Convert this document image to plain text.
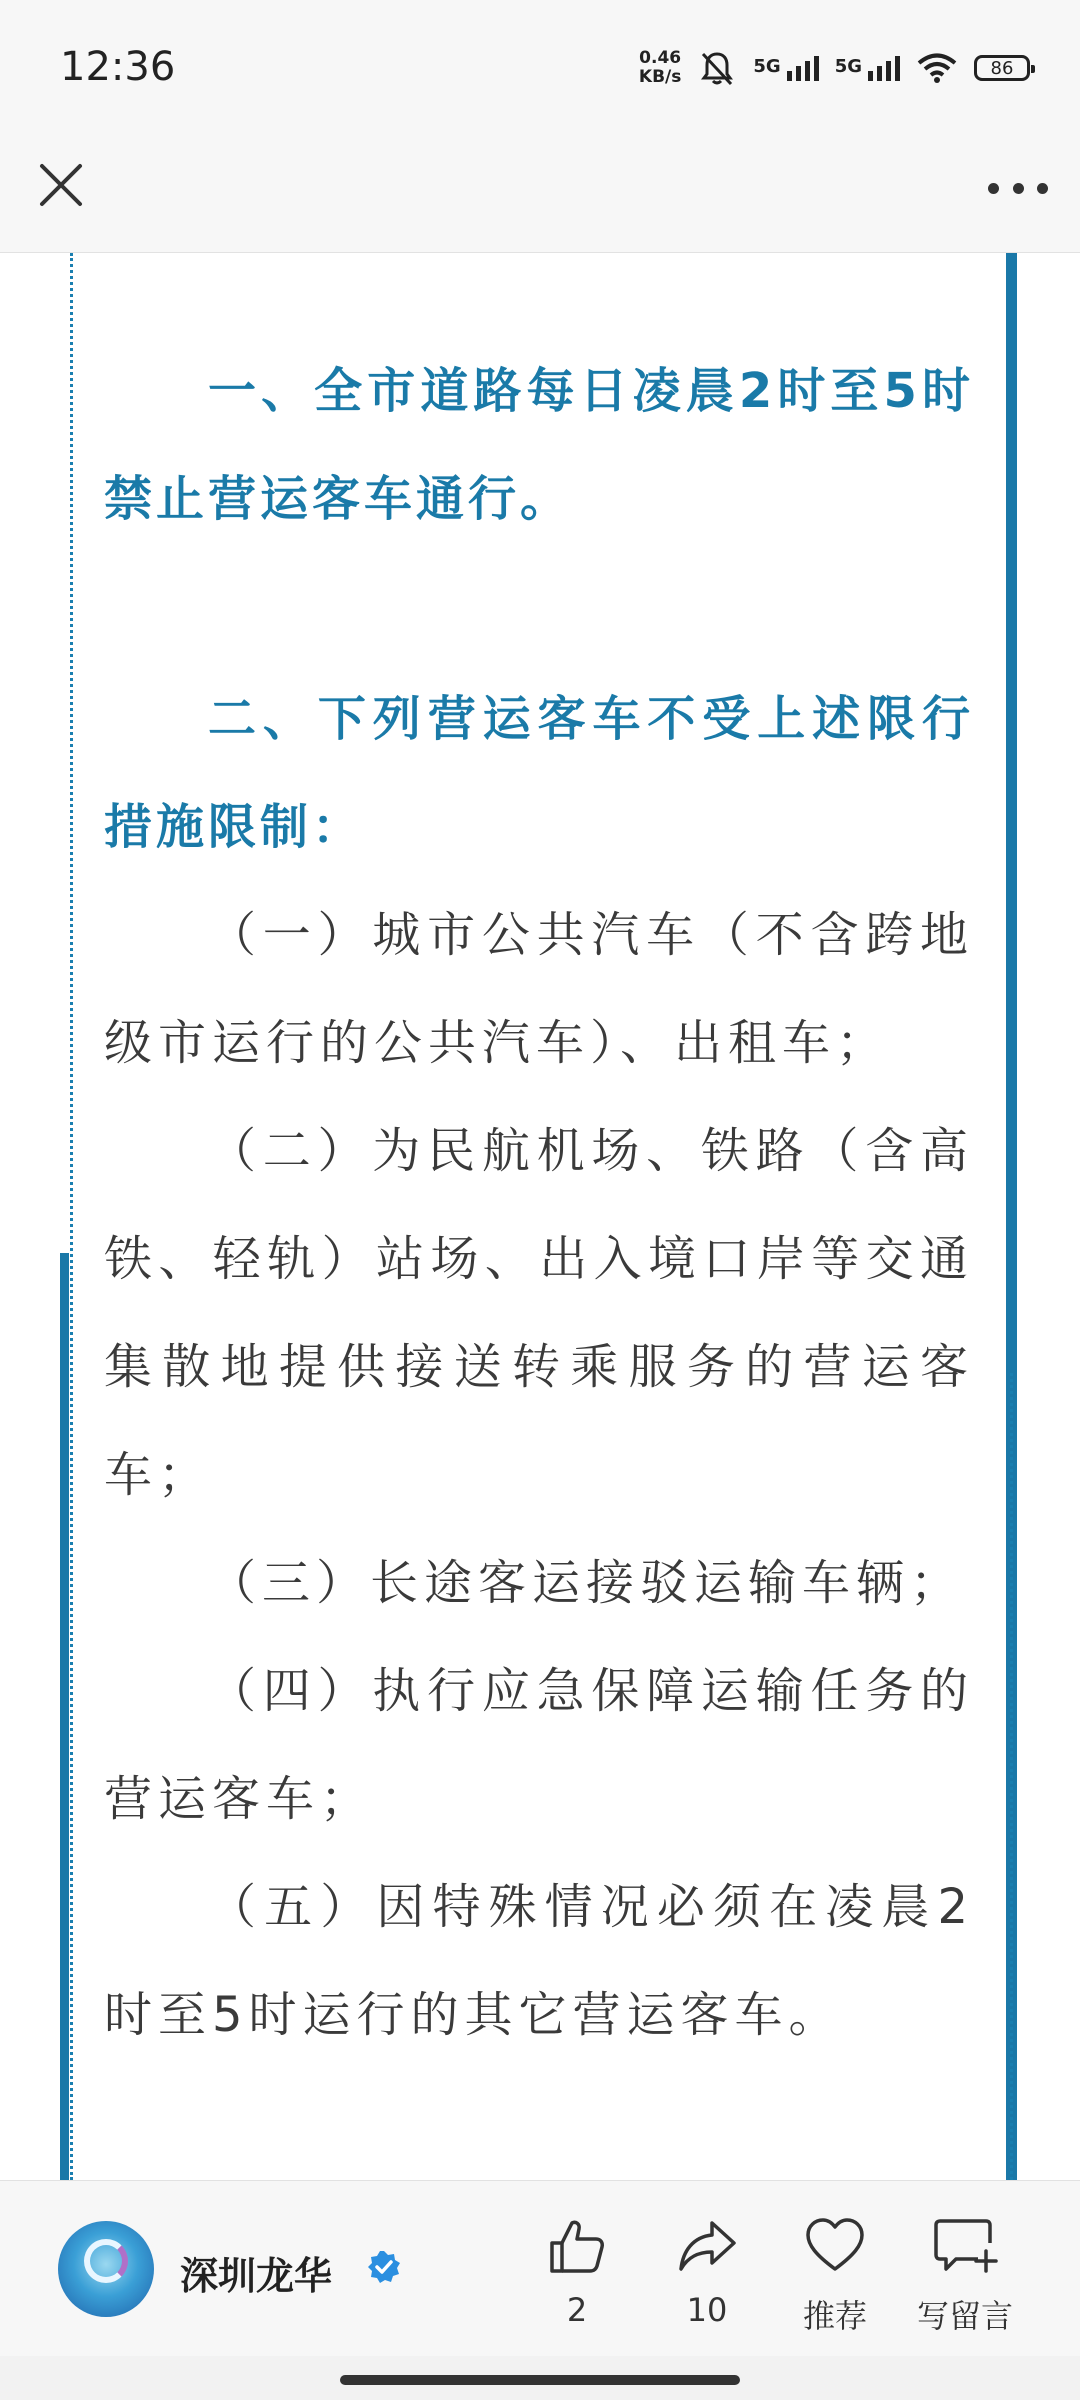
12:36	0.46
KB/s
5G	5G	86

一、全市道路每日凌晨2时至5时禁止营运客车通行。

二、下列营运客车不受上述限行措施限制：

（一）城市公共汽车（不含跨地级市运行的公共汽车）、出租车；

（二）为民航机场、铁路（含高铁、轻轨）站场、出入境口岸等交通集散地提供接送转乘服务的营运客车；

（三）长途客运接驳运输车辆；

（四）执行应急保障运输任务的营运客车；

（五）因特殊情况必须在凌晨2时至5时运行的其它营运客车。

深圳龙华
2	10	推荐	写留言
